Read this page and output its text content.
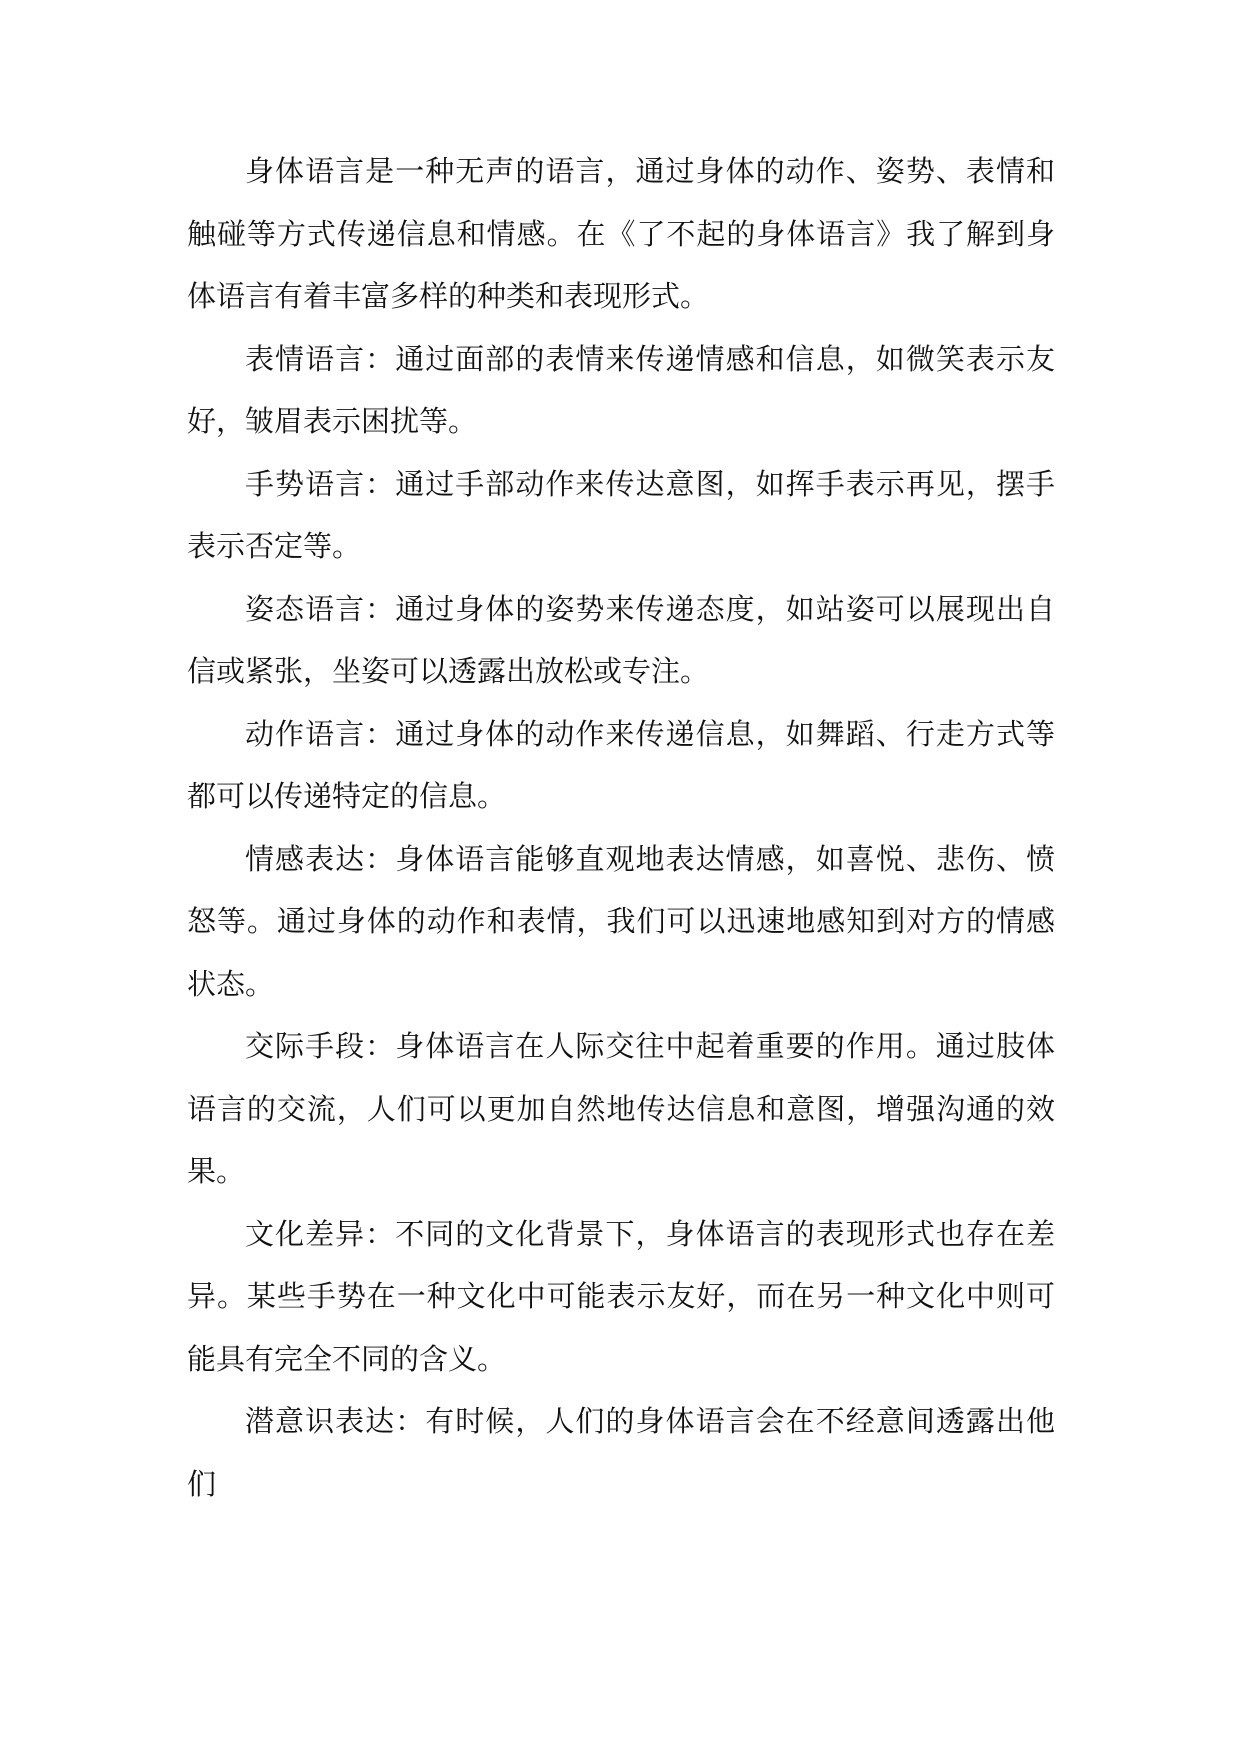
身体语言是一种无声的语言，通过身体的动作、姿势、表情和触碰等方式传递信息和情感。在《了不起的身体语言》我了解到身体语言有着丰富多样的种类和表现形式。

表情语言：通过面部的表情来传递情感和信息，如微笑表示友好，皱眉表示困扰等。

手势语言：通过手部动作来传达意图，如挥手表示再见，摆手表示否定等。

姿态语言：通过身体的姿势来传递态度，如站姿可以展现出自信或紧张，坐姿可以透露出放松或专注。

动作语言：通过身体的动作来传递信息，如舞蹈、行走方式等都可以传递特定的信息。

情感表达：身体语言能够直观地表达情感，如喜悦、悲伤、愤怒等。通过身体的动作和表情，我们可以迅速地感知到对方的情感状态。

交际手段：身体语言在人际交往中起着重要的作用。通过肢体语言的交流，人们可以更加自然地传达信息和意图，增强沟通的效果。

文化差异：不同的文化背景下，身体语言的表现形式也存在差异。某些手势在一种文化中可能表示友好，而在另一种文化中则可能具有完全不同的含义。

潜意识表达：有时候，人们的身体语言会在不经意间透露出他们
